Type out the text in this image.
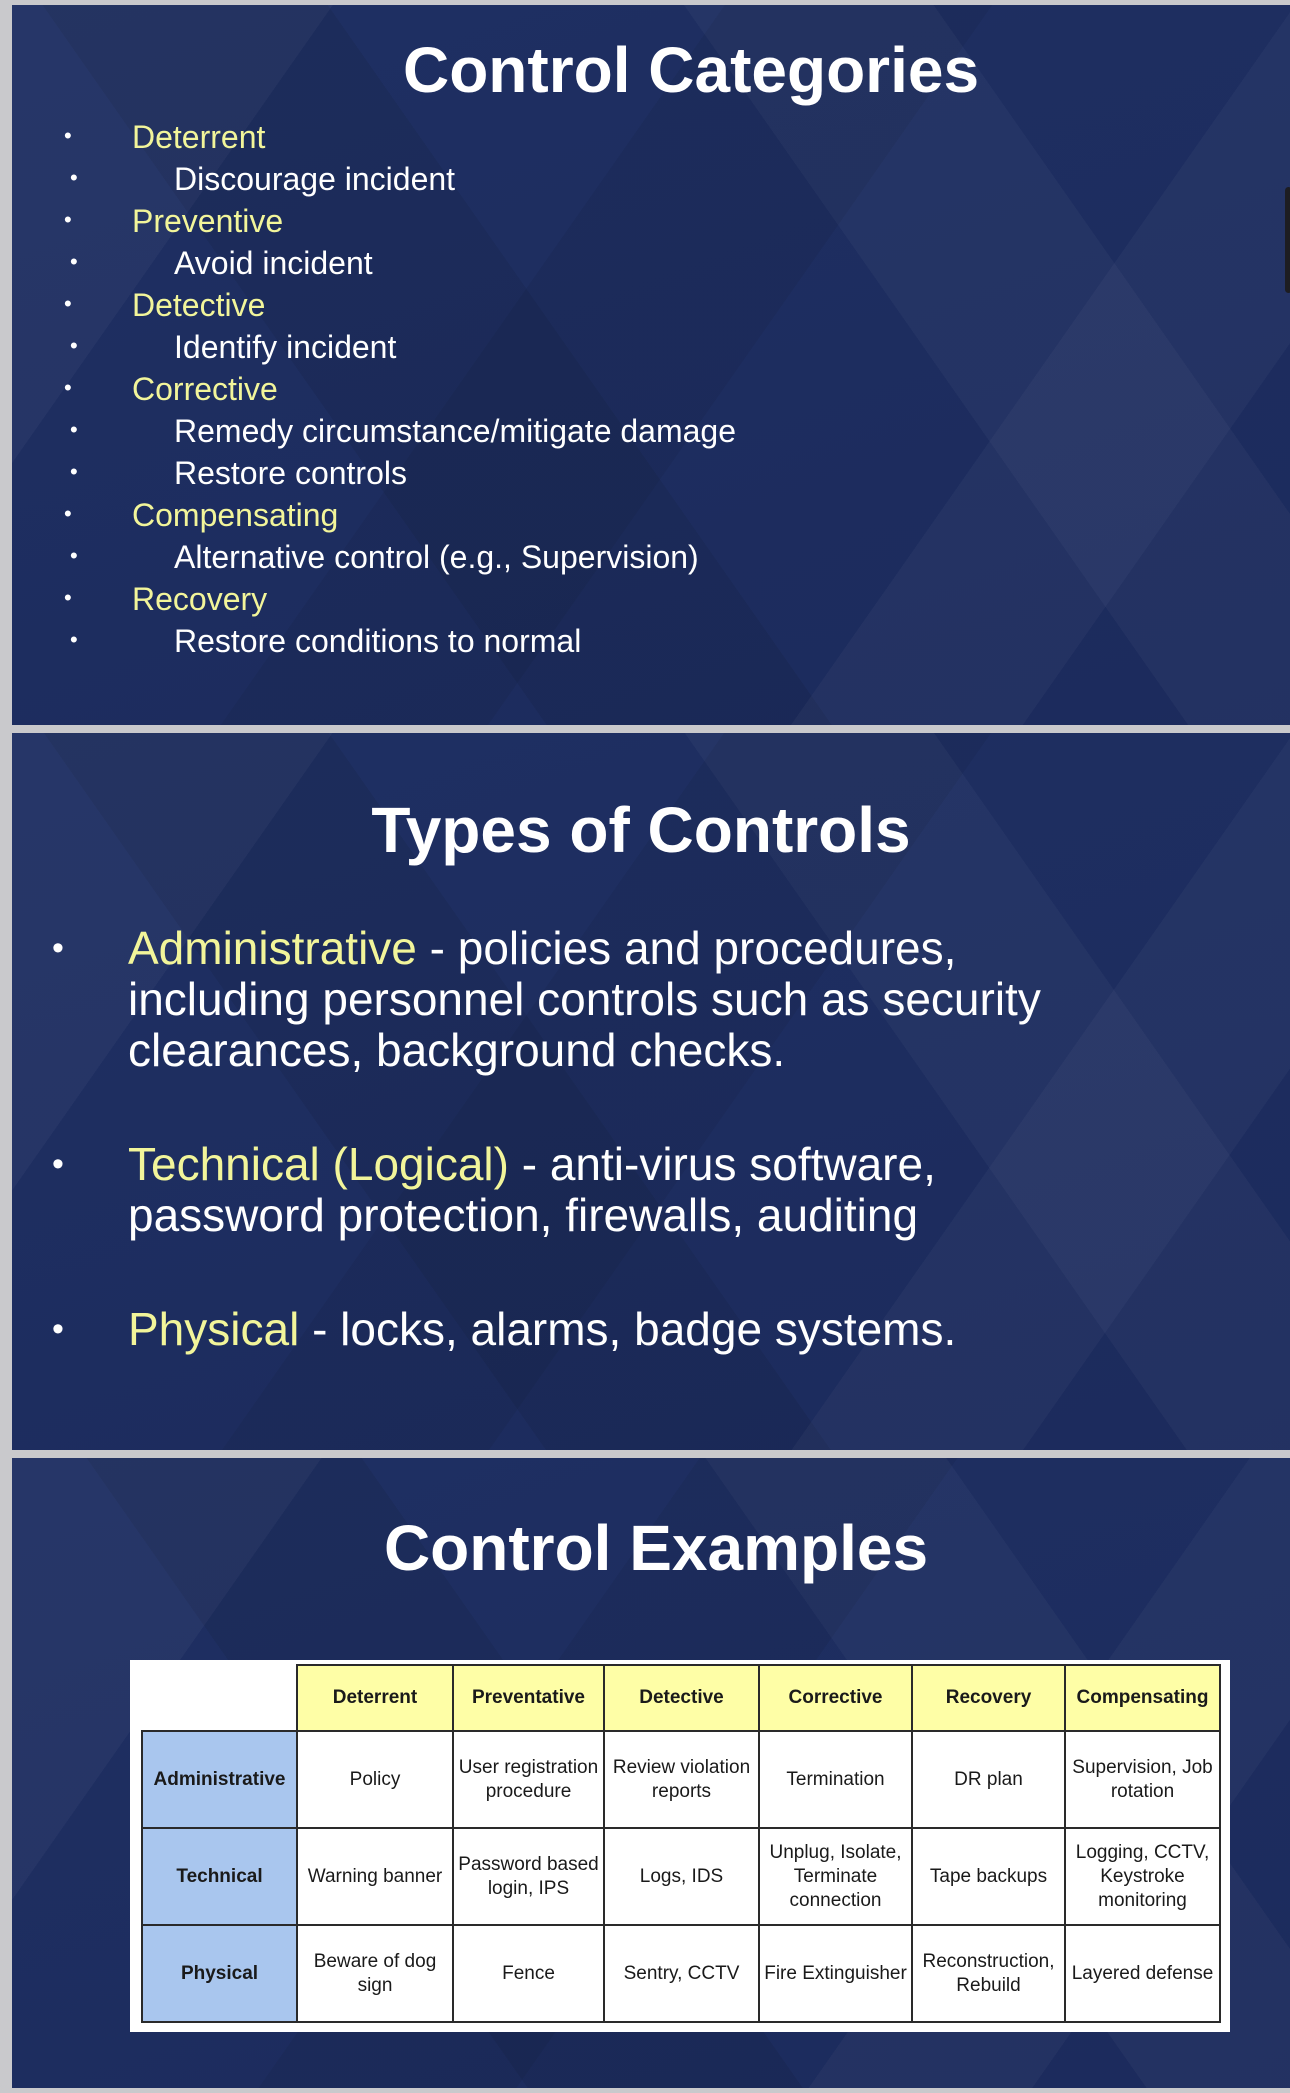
Control Categories
• Deterrent
•	Discourage incident
• Preventive
•	Avoid incident
• Detective
•	Identify incident
• Corrective
•	Remedy circumstance/mitigate damage
•	Restore controls
• Compensating
•	Alternative control (e.g., Supervision)
• Recovery
•	Restore conditions to normal
Types of Controls
• Administrative - policies and procedures, including personnel controls such as security clearances, background checks.
• Technical (Logical) - anti-virus software, password protection, firewalls, auditing
• Physical - locks, alarms, badge systems.
Control Examples
	Deterrent	Preventative	Detective	Corrective	Recovery	Compensating
Administrative	Policy	User registration procedure	Review violation reports	Termination	DR plan	Supervision, Job rotation
Technical	Warning banner	Password based login, IPS	Logs, IDS	Unplug, Isolate, Terminate connection	Tape backups	Logging, CCTV, Keystroke monitoring
Physical	Beware of dog sign	Fence	Sentry, CCTV	Fire Extinguisher	Reconstruction, Rebuild	Layered defense
